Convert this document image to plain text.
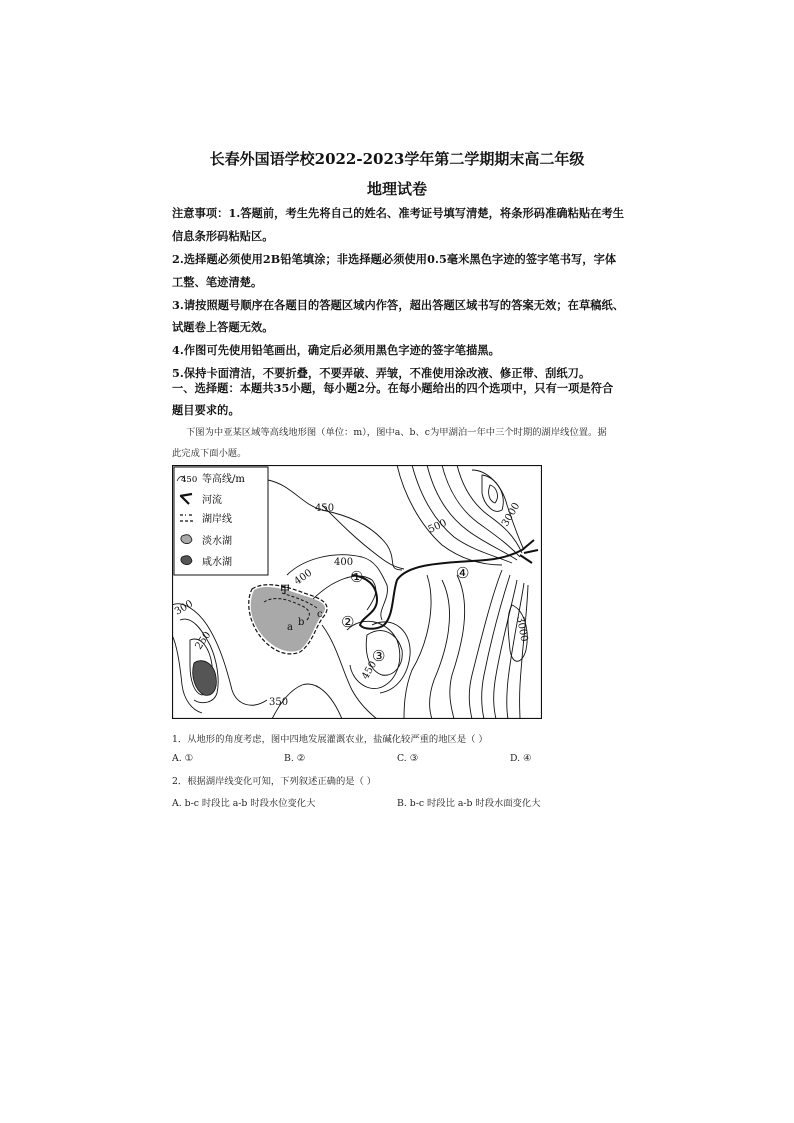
长春外国语学校2022-2023学年第二学期期末高二年级
地理试卷
注意事项：1.答题前，考生先将自己的姓名、准考证号填写清楚，将条形码准确粘贴在考生
信息条形码粘贴区。
2.选择题必须使用2B铅笔填涂；非选择题必须使用0.5毫米黑色字迹的签字笔书写，字体
工整、笔迹清楚。
3.请按照题号顺序在各题目的答题区域内作答，超出答题区域书写的答案无效；在草稿纸、
试题卷上答题无效。
4.作图可先使用铅笔画出，确定后必须用黑色字迹的签字笔描黑。
5.保持卡面清洁，不要折叠，不要弄破、弄皱，不准使用涂改液、修正带、刮纸刀。
一、选择题：本题共35小题，每小题2分。在每小题给出的四个选项中，只有一项是符合
题目要求的。
下图为中亚某区域等高线地形图（单位：m），图中a、b、c为甲湖泊一年中三个时期的湖岸线位置。据
此完成下面小题。
450 等高线/m
河流
湖岸线
淡水湖
咸水湖
450
500	3000
3000
400
400
300
250
450
350
①
②
③
④
甲
a b
c
1．从地形的角度考虑，图中四地发展灌溉农业，盐碱化较严重的地区是（ ）
A. ①	B. ②	C. ③	D. ④
2．根据湖岸线变化可知，下列叙述正确的是（ ）
A. b-c 时段比 a-b 时段水位变化大	B. b-c 时段比 a-b 时段水面变化大
